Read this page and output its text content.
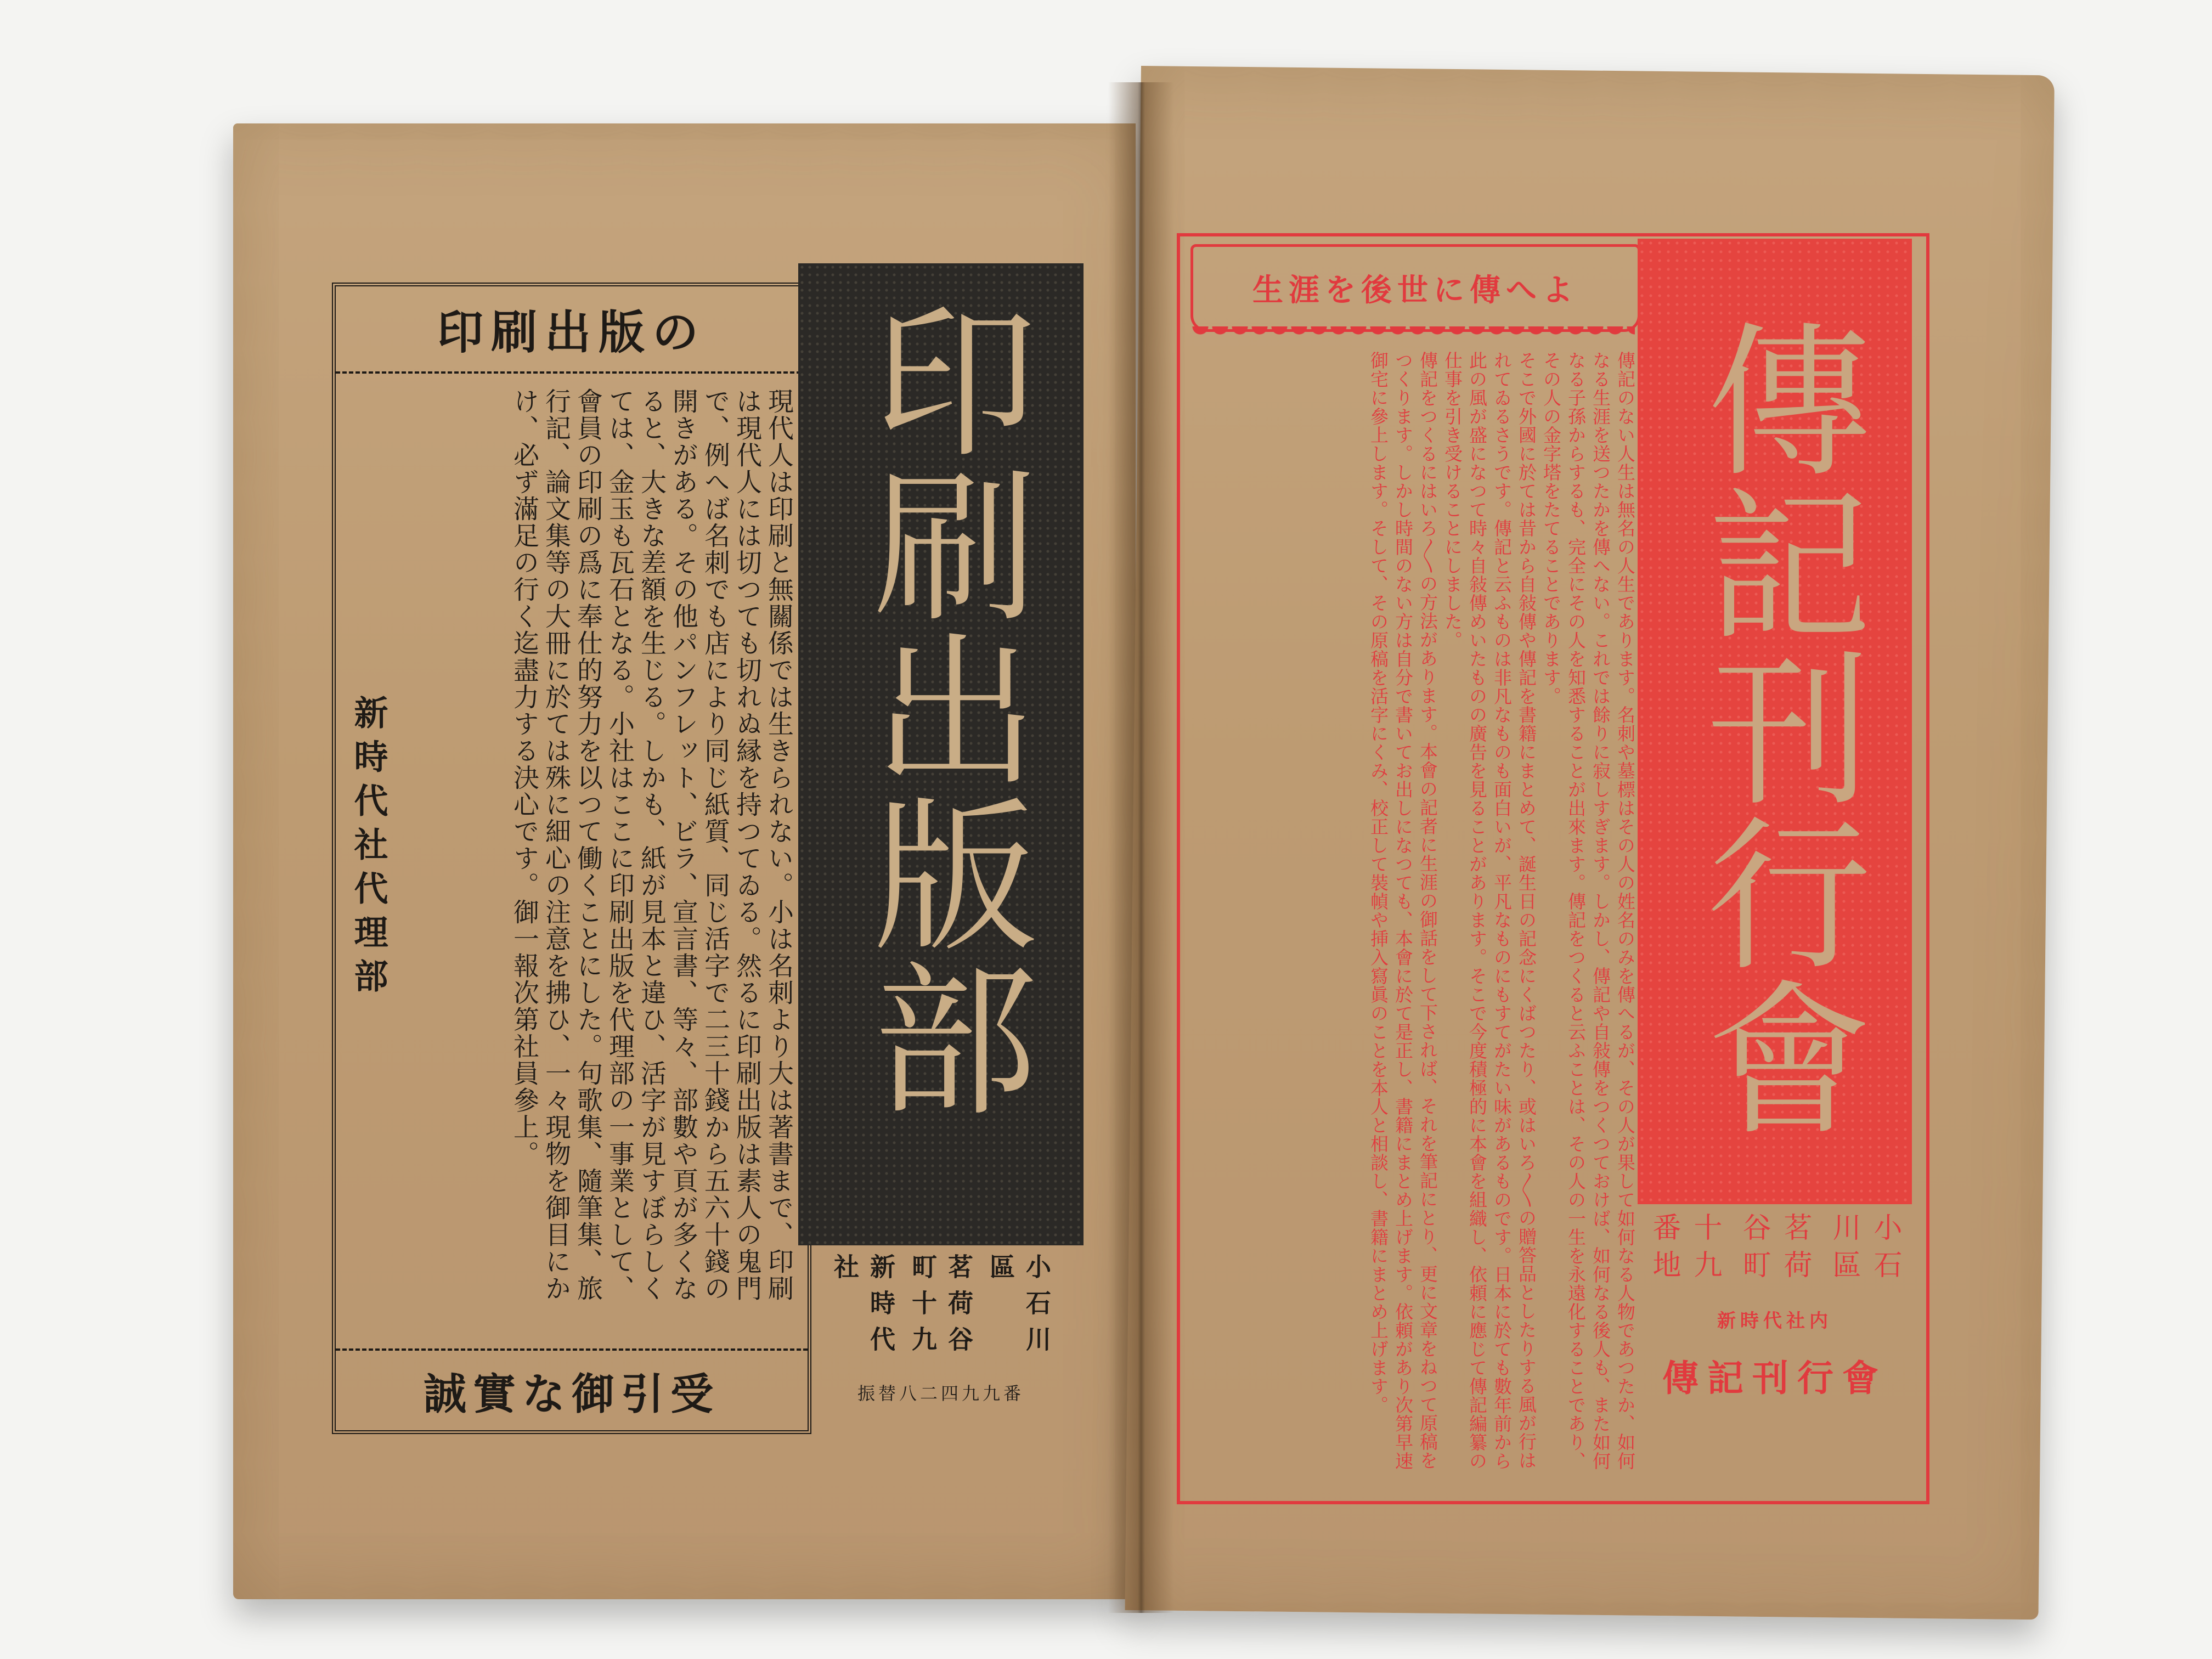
印刷出版の

現代人は印刷と無關係では生きられない。小は名刺より大は著書まで、印刷は現代人には切つても切れぬ縁を持つてゐる。然るに印刷出版は素人の鬼門で、例へば名刺でも店により同じ紙質、同じ活字で二三十錢から五六十錢の開きがある。その他パンフレット、ビラ、宣言書、等々、部數や頁が多くなると、大きな差額を生じる。しかも、紙が見本と違ひ、活字が見すぼらしくては、金玉も瓦石となる。小社はここに印刷出版を代理部の一事業として、會員の印刷の爲に奉仕的努力を以つて働くことにした。句歌集、隨筆集、旅行記、論文集等の大冊に於ては殊に細心の注意を拂ひ、一々現物を御目にかけ、必ず滿足の行く迄盡力する決心です。御一報次第社員參上。

新時代社代理部
誠實な御引受
印刷出版部
小石川區
茗荷谷町十九
新時代社
振替八二四九九番
生涯を後世に傳へよ

傳記のない人生は無名の人生であります。名刺や墓標はその人の姓名のみを傳へるが、その人が果して如何なる人物であつたか、如何なる生涯を送つたかを傳へない。これでは餘りに寂しすぎます。しかし、傳記や自敍傳をつくつておけば、如何なる後人も、また如何なる子孫からするも、完全にその人を知悉することが出來ます。傳記をつくると云ふことは、その人の一生を永遠化することであり、その人の金字塔をたてることであります。

そこで外國に於ては昔から自敍傳や傳記を書籍にまとめて、誕生日の記念にくばつたり、或はいろ〳〵の贈答品としたりする風が行はれてゐるさうです。傳記と云ふものは非凡なものも面白いが、平凡なものにもすてがたい味があるものです。日本に於ても數年前から此の風が盛になつて時々自敍傳めいたものの廣告を見ることがあります。そこで今度積極的に本會を組織し、依頼に應じて傳記編纂の仕事を引き受けることにしました。

傳記をつくるにはいろ〳〵の方法があります。本會の記者に生涯の御話をして下されば、それを筆記にとり、更に文章をねつて原稿をつくります。しかし時間のない方は自分で書いてお出しになつても、本會に於て是正し、書籍にまとめ上げます。依頼があり次第早速御宅に參上します。そして、その原稿を活字にくみ、校正して裝幀や挿入寫眞のことを本人と相談し、書籍にまとめ上げます。	傳記刊行會
小石川區
茗荷谷町
十九番地
新時代社内
傳記刊行會
